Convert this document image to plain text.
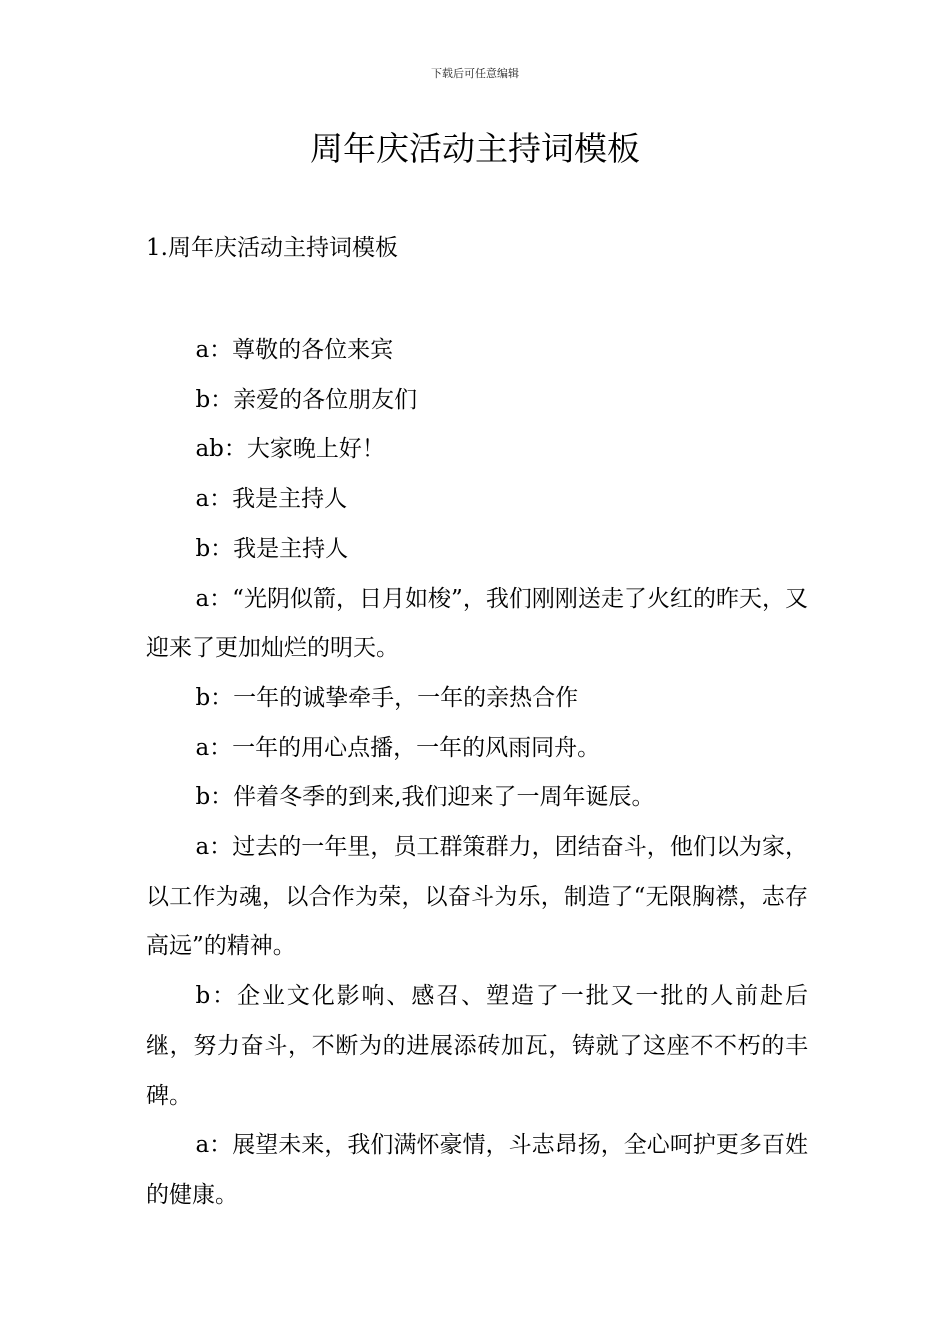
下载后可任意编辑
周年庆活动主持词模板
1.周年庆活动主持词模板

a：尊敬的各位来宾

b：亲爱的各位朋友们

ab：大家晚上好！

a：我是主持人

b：我是主持人

a：“光阴似箭，日月如梭”，我们刚刚送走了火红的昨天，又迎来了更加灿烂的明天。

b：一年的诚挚牵手，一年的亲热合作

a：一年的用心点播，一年的风雨同舟。

b：伴着冬季的到来,我们迎来了一周年诞辰。

a：过去的一年里，员工群策群力，团结奋斗，他们以为家，以工作为魂，以合作为荣，以奋斗为乐，制造了“无限胸襟，志存高远”的精神。

b：企业文化影响、感召、塑造了一批又一批的人前赴后继，努力奋斗，不断为的进展添砖加瓦，铸就了这座不不朽的丰碑。

a：展望未来，我们满怀豪情，斗志昂扬，全心呵护更多百姓的健康。
